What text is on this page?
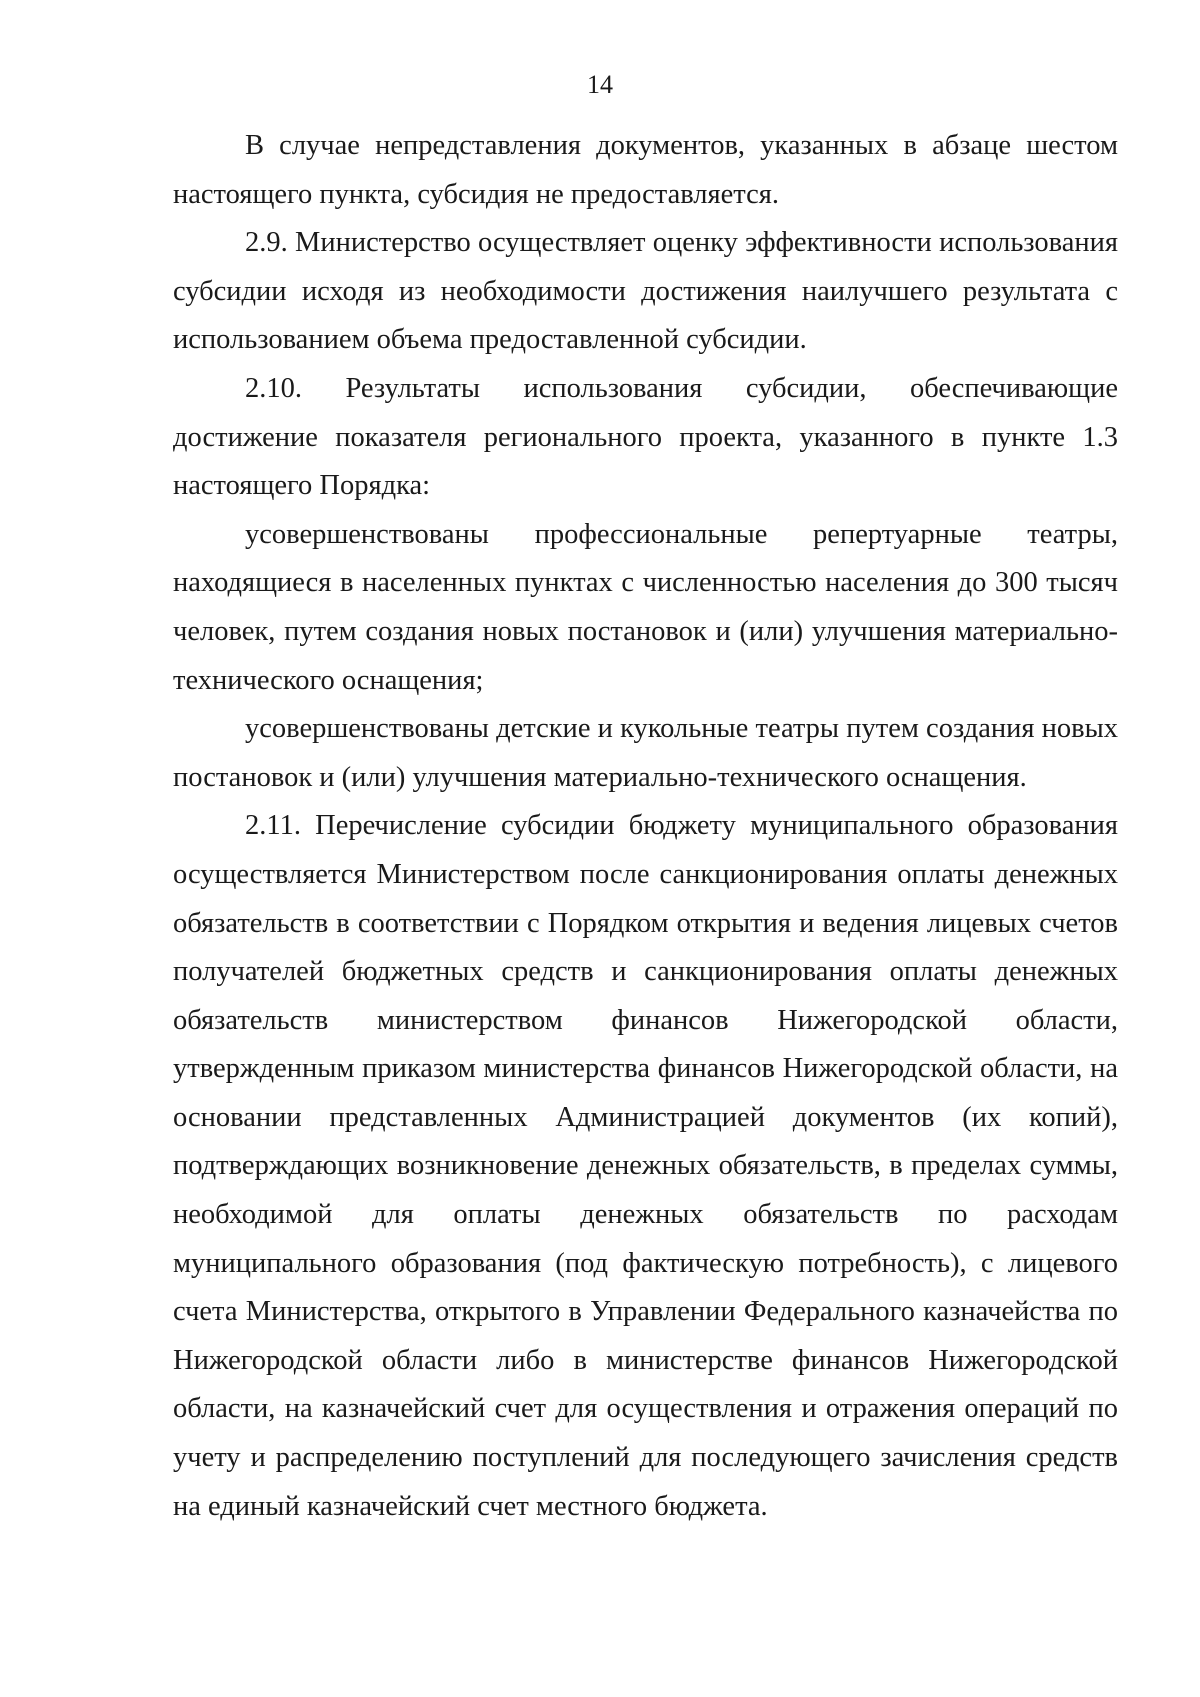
14

В случае непредставления документов, указанных в абзаце шестом настоящего пункта, субсидия не предоставляется.

2.9. Министерство осуществляет оценку эффективности использования субсидии исходя из необходимости достижения наилучшего результата с использованием объема предоставленной субсидии.

2.10. Результаты использования субсидии, обеспечивающие достижение показателя регионального проекта, указанного в пункте 1.3 настоящего Порядка:

усовершенствованы профессиональные репертуарные театры, находящиеся в населенных пунктах с численностью населения до 300 тысяч человек, путем создания новых постановок и (или) улучшения материально-технического оснащения;

усовершенствованы детские и кукольные театры путем создания новых постановок и (или) улучшения материально-технического оснащения.

2.11. Перечисление субсидии бюджету муниципального образования осуществляется Министерством после санкционирования оплаты денежных обязательств в соответствии с Порядком открытия и ведения лицевых счетов получателей бюджетных средств и санкционирования оплаты денежных обязательств министерством финансов Нижегородской области, утвержденным приказом министерства финансов Нижегородской области, на основании представленных Администрацией документов (их копий), подтверждающих возникновение денежных обязательств, в пределах суммы, необходимой для оплаты денежных обязательств по расходам муниципального образования (под фактическую потребность), с лицевого счета Министерства, открытого в Управлении Федерального казначейства по Нижегородской области либо в министерстве финансов Нижегородской области, на казначейский счет для осуществления и отражения операций по учету и распределению поступлений для последующего зачисления средств на единый казначейский счет местного бюджета.
